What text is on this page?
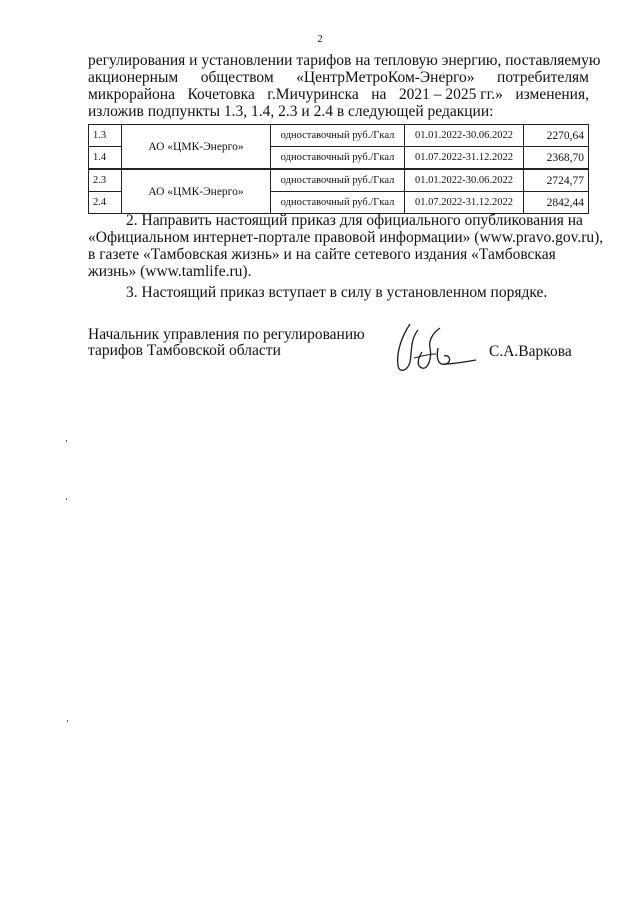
2
регулирования и установлении тарифов на тепловую энергию, поставляемую
акционерным обществом «ЦентрМетроКом-Энерго» потребителям
микрорайона Кочетовка г.Мичуринска на 2021 – 2025 гг.» изменения,
изложив подпункты 1.3, 1.4, 2.3 и 2.4 в следующей редакции:
1.3	АО «ЦМК-Энерго»	одноставочный руб./Гкал	01.01.2022-30.06.2022	2270,64
1.4		одноставочный руб./Гкал	01.07.2022-31.12.2022	2368,70
2.3	АО «ЦМК-Энерго»	одноставочный руб./Гкал	01.01.2022-30.06.2022	2724,77
2.4		одноставочный руб./Гкал	01.07.2022-31.12.2022	2842,44
2. Направить настоящий приказ для официального опубликования на
«Официальном интернет-портале правовой информации» (www.pravo.gov.ru),
в газете «Тамбовская жизнь» и на сайте сетевого издания «Тамбовская
жизнь» (www.tamlife.ru).
3. Настоящий приказ вступает в силу в установленном порядке.
Начальник управления по регулированию
тарифов Тамбовской области	С.А.Варкова
